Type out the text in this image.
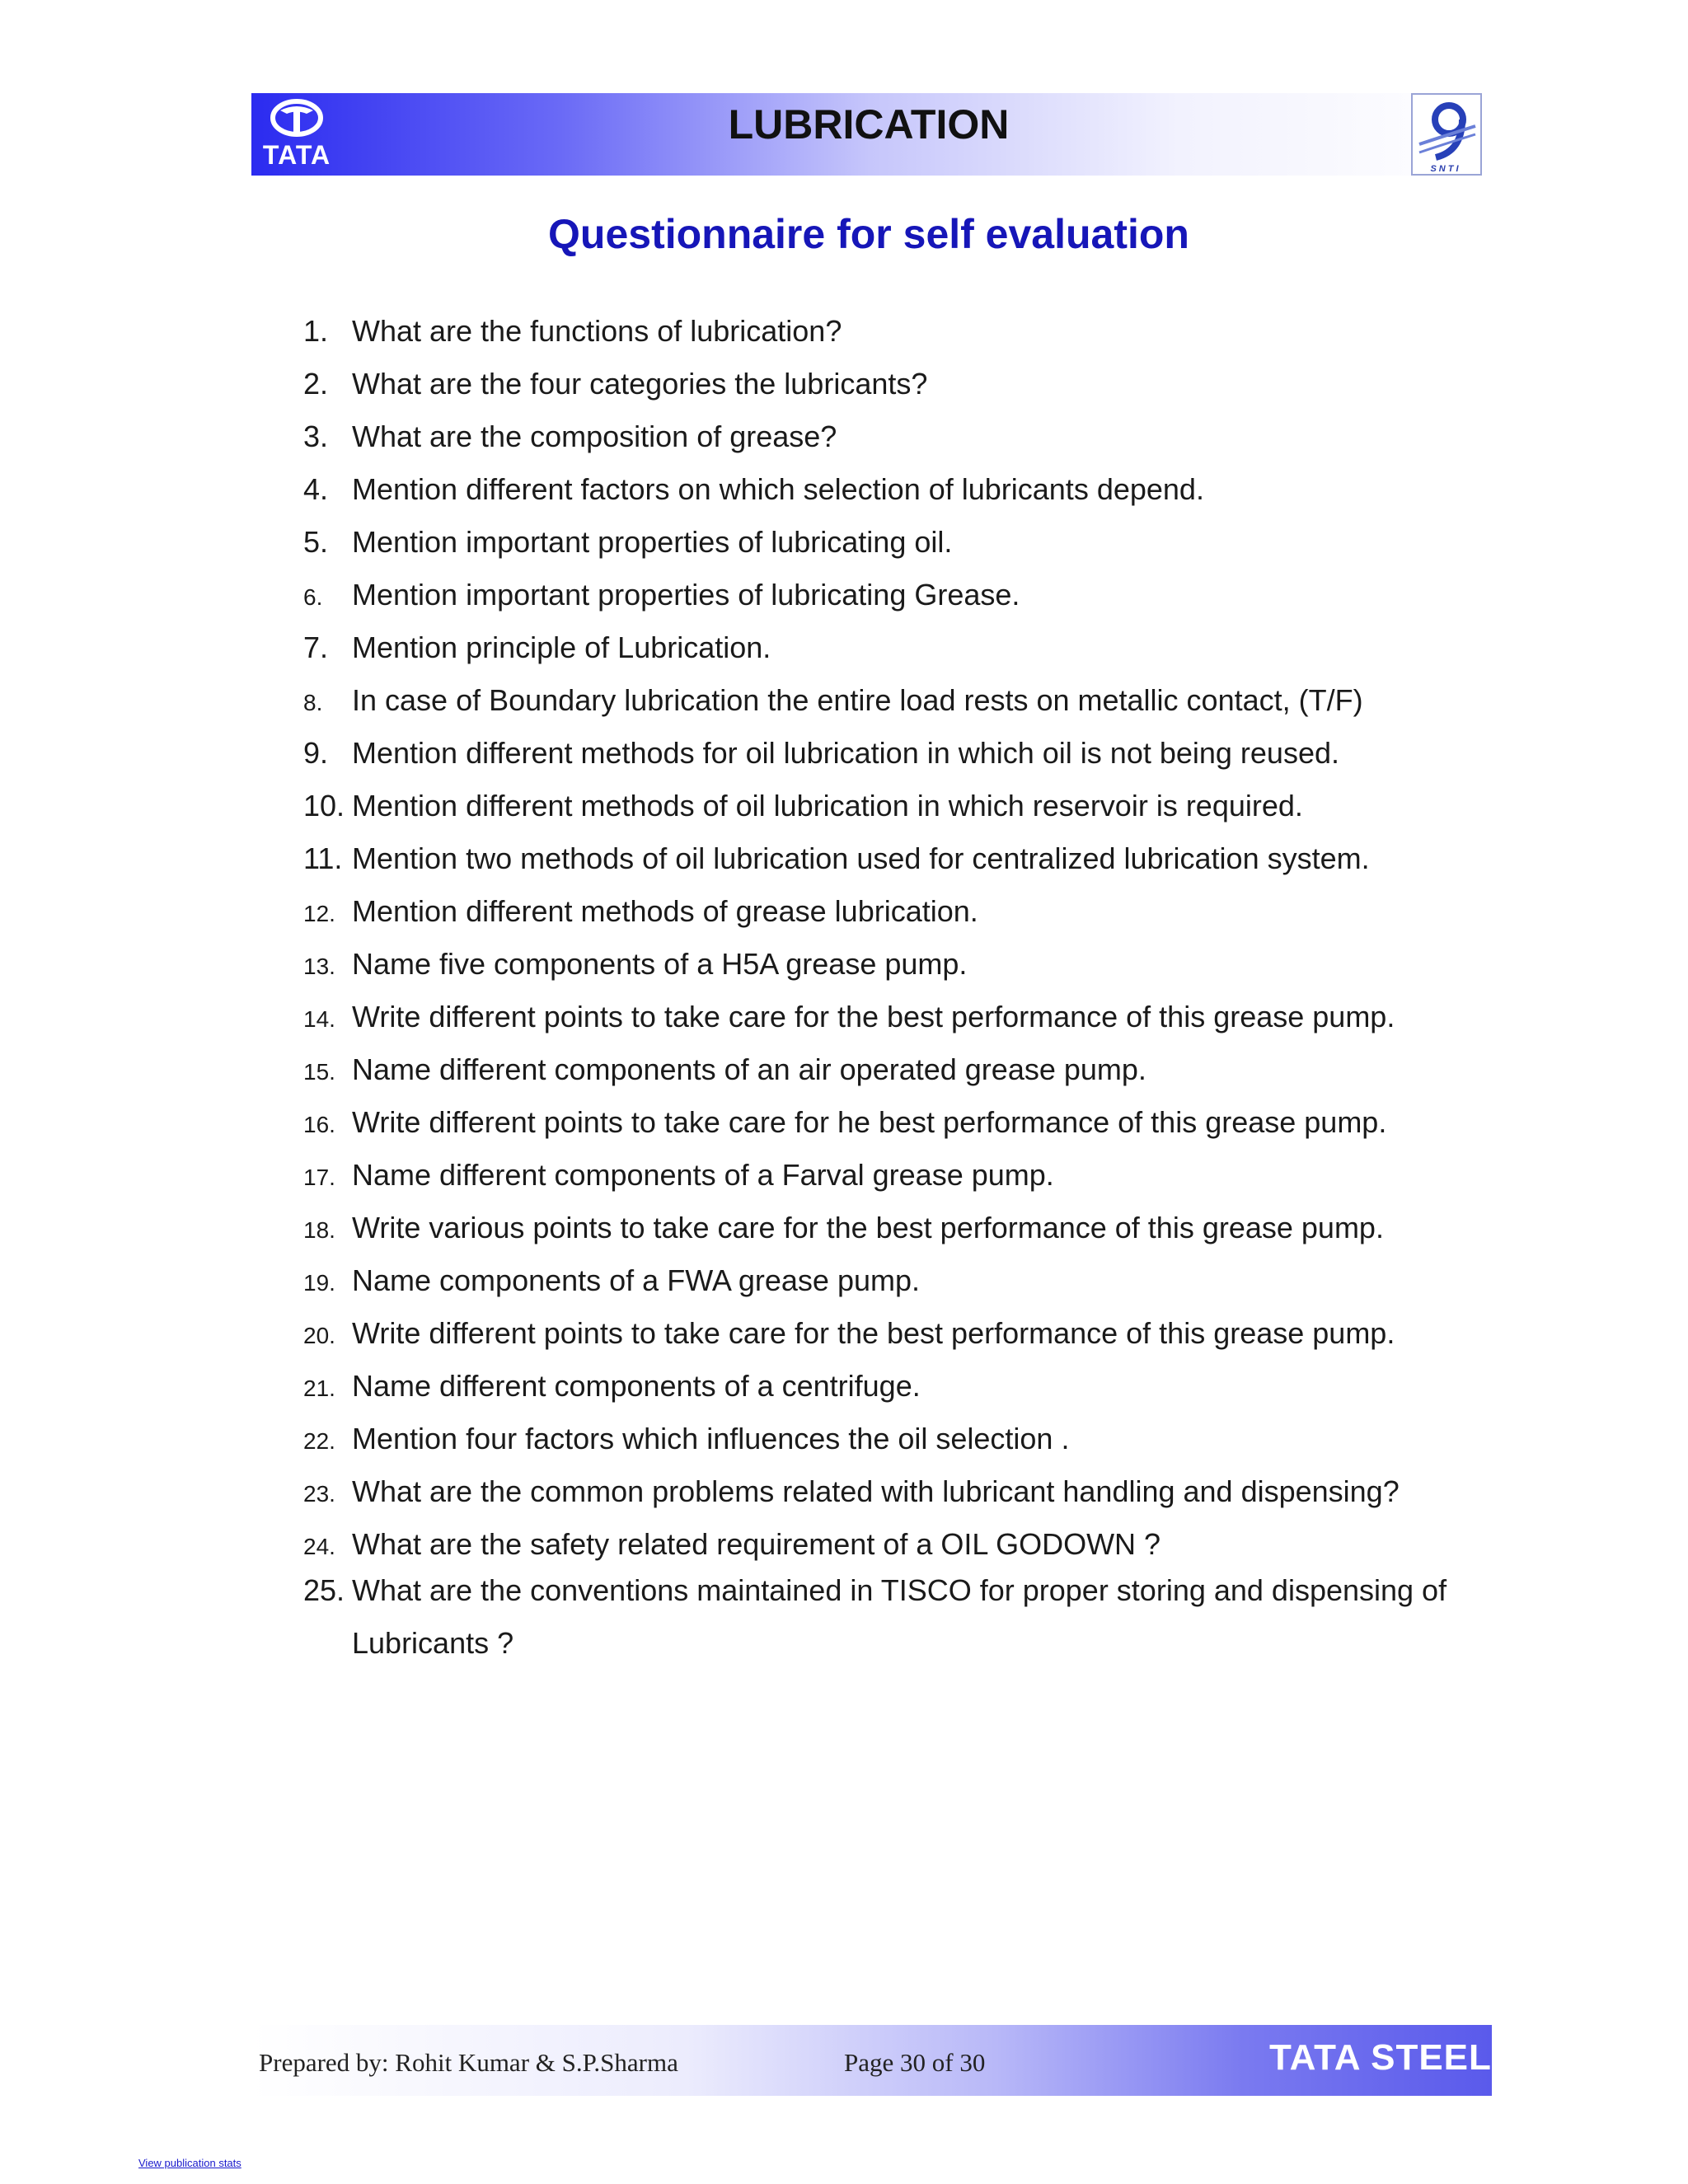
TATA
LUBRICATION
SNTI
Questionnaire for self evaluation
1. What are the functions of lubrication?
2. What are the four categories the lubricants?
3. What are the composition of grease?
4. Mention different factors on which selection of lubricants depend.
5. Mention important properties of lubricating oil.
6. Mention important properties of lubricating Grease.
7. Mention principle of Lubrication.
8. In case of Boundary lubrication the entire load rests on metallic contact, (T/F)
9. Mention different methods for oil lubrication in which oil is not being reused.
10. Mention different methods of oil lubrication in which reservoir is required.
11. Mention two methods of oil lubrication used for centralized lubrication system.
12. Mention different methods of grease lubrication.
13. Name five components of a H5A grease pump.
14. Write different points to take care for the best performance of this grease pump.
15. Name different components of an air operated grease pump.
16. Write different points to take care for he best performance of this grease pump.
17. Name different components of a Farval grease pump.
18. Write various points to take care for the best performance of this grease pump.
19. Name components of a FWA grease pump.
20. Write different points to take care for the best performance of this grease pump.
21. Name different components of a centrifuge.
22. Mention four factors which influences the oil selection .
23. What are the common problems related with lubricant handling and dispensing?
24. What are the safety related requirement of a OIL GODOWN ?
25. What are the conventions maintained in TISCO for proper storing and dispensing of Lubricants ?
Prepared by: Rohit Kumar & S.P.Sharma	Page 30 of 30	TATA STEEL
View publication stats
